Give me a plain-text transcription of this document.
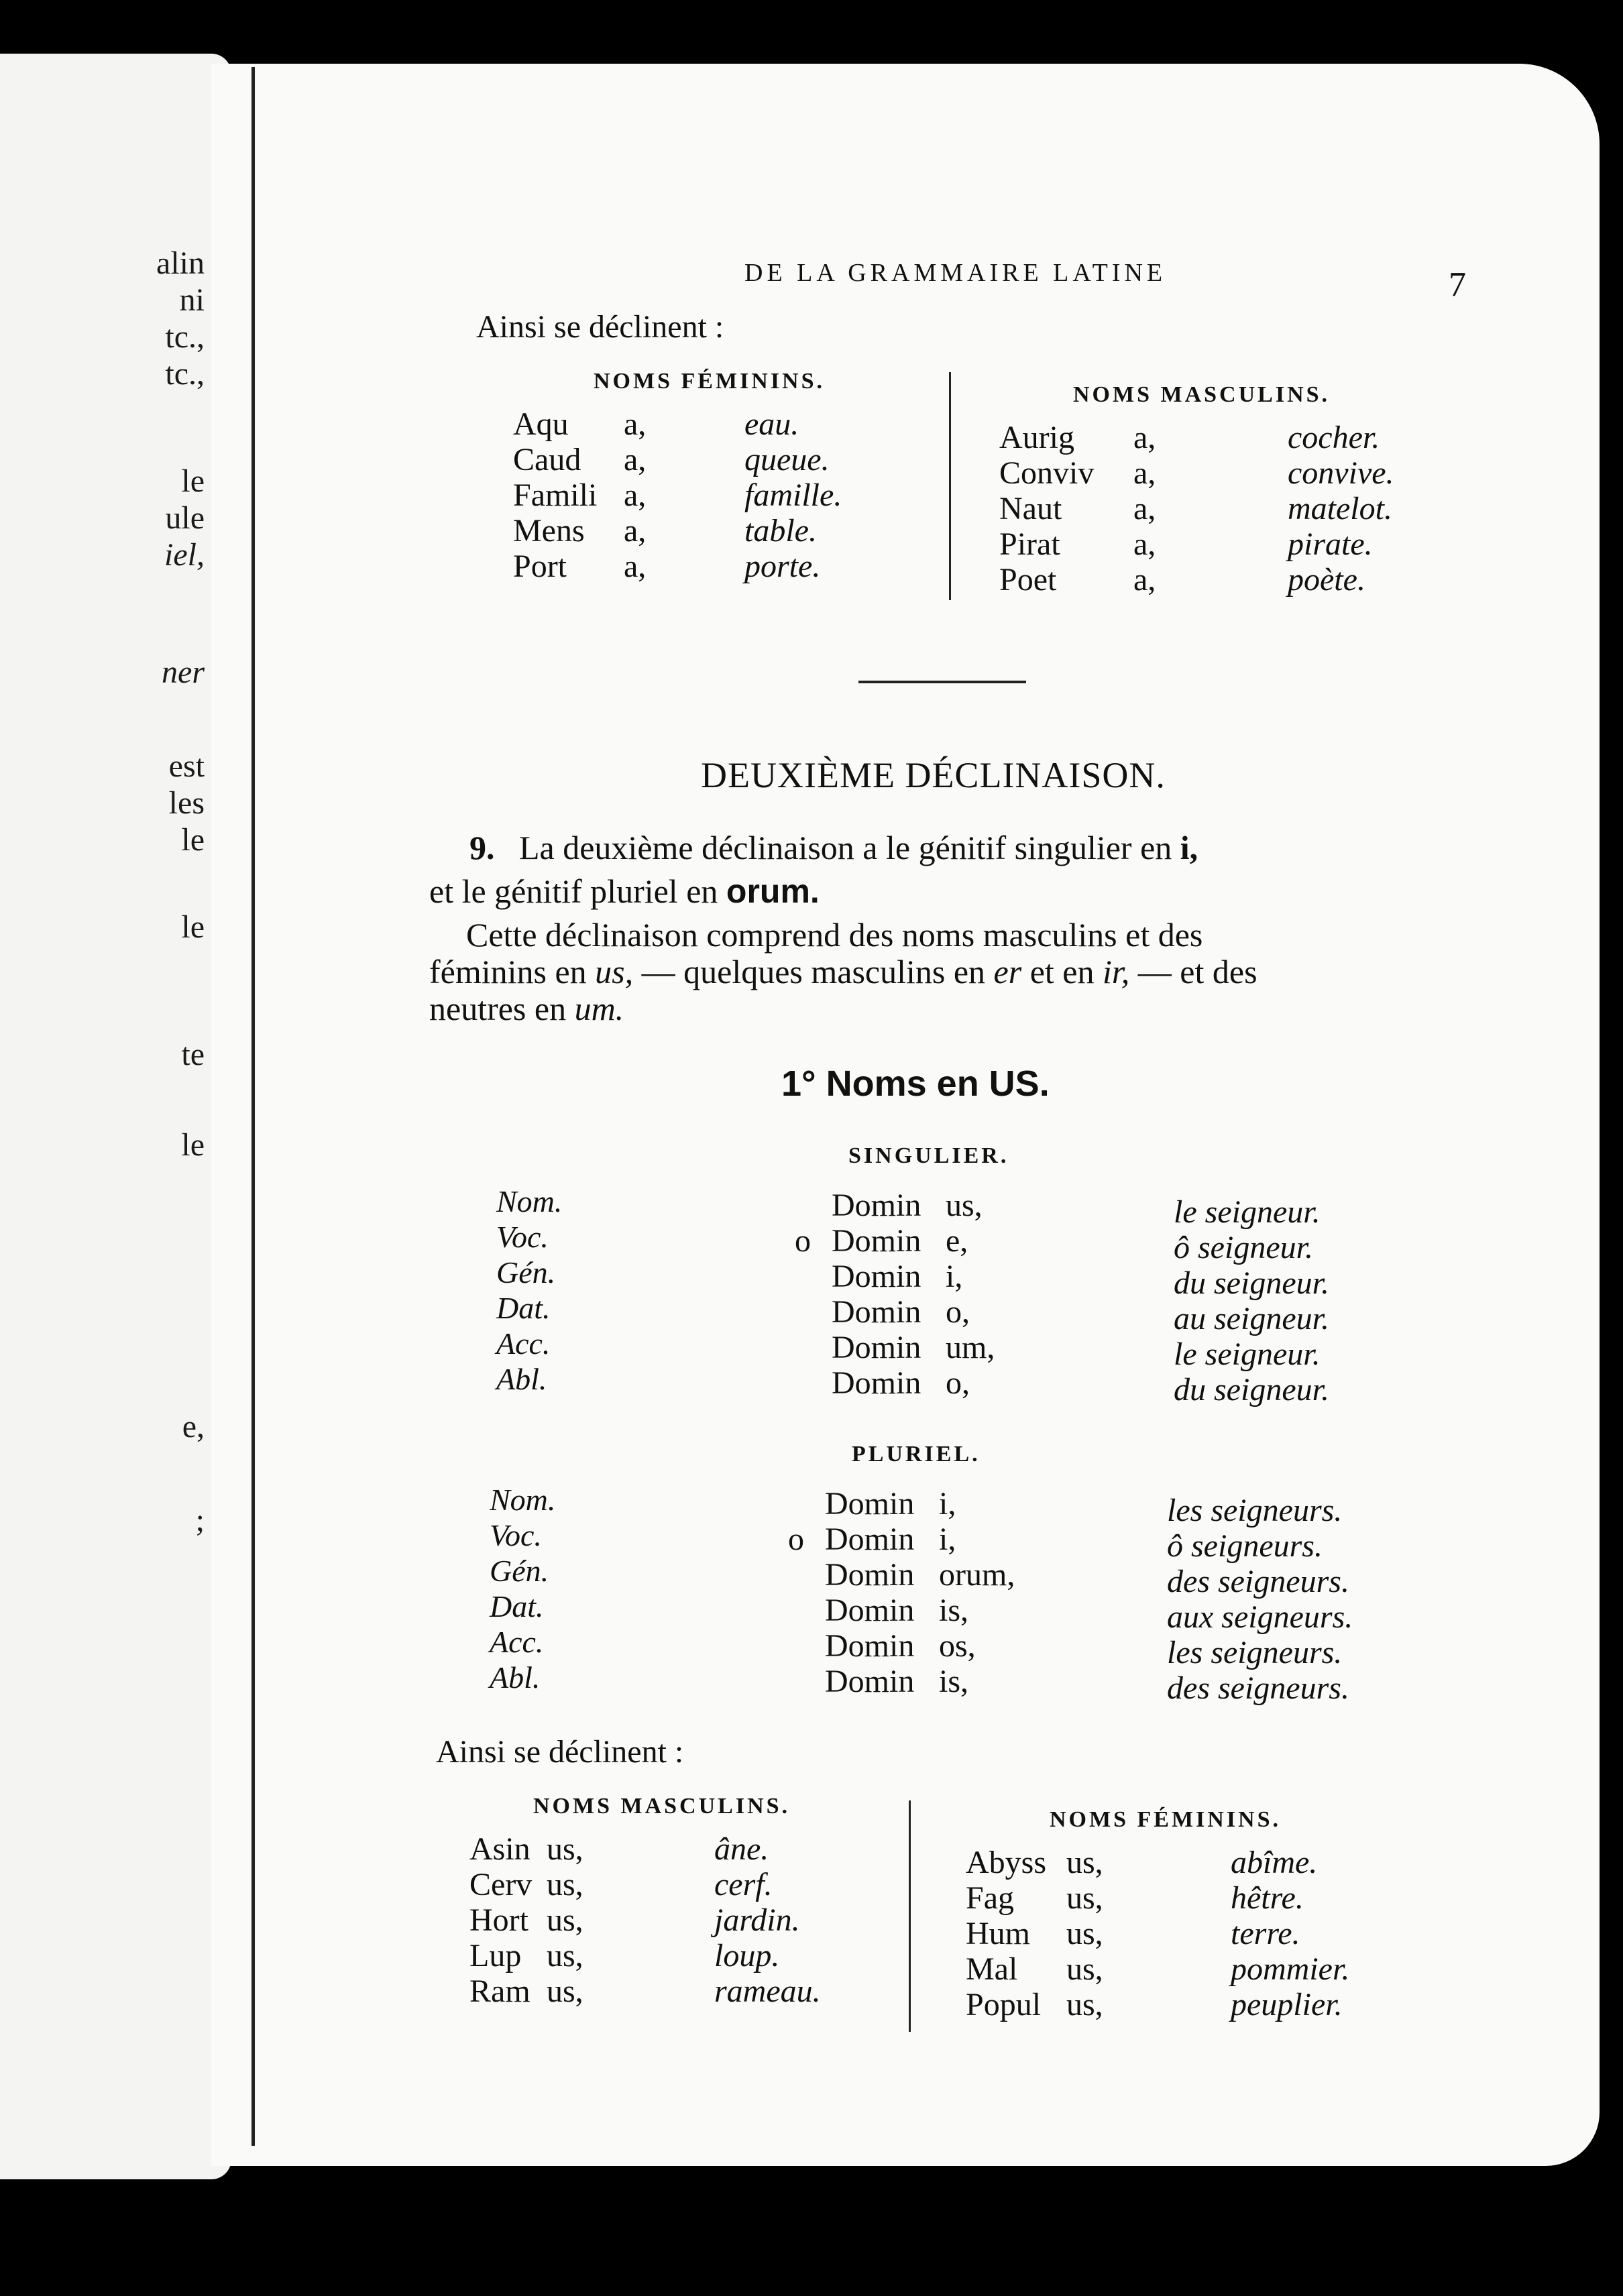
alin
ni
tc.,
tc.,
le
ule
iel,
ner
est
les
le
le
te
le
e,
;
DE LA GRAMMAIRE LATINE	7
Ainsi se déclinent :
NOMS FÉMININS.
NOMS MASCULINS.
Aqu a,	eau.
Caud a,	queue.
Famili a,	famille.
Mens a,	table.
Port a,	porte.
Aurig a,	cocher.
Conviv a,	convive.
Naut a,	matelot.
Pirat a,	pirate.
Poet a,	poète.
DEUXIÈME DÉCLINAISON.
9. La deuxième déclinaison a le génitif singulier en i,
et le génitif pluriel en orum.
Cette déclinaison comprend des noms masculins et des
féminins en us, — quelques masculins en er et en ir, — et des
neutres en um.
1° Noms en US.
SINGULIER.
Nom.	Domin us,	le seigneur.
Voc.	o Domin e,	ô seigneur.
Gén.	Domin i,	du seigneur.
Dat.	Domin o,	au seigneur.
Acc.	Domin um,	le seigneur.
Abl.	Domin o,	du seigneur.
PLURIEL.
Nom.	Domin i,	les seigneurs.
Voc.	o Domin i,	ô seigneurs.
Gén.	Domin orum,	des seigneurs.
Dat.	Domin is,	aux seigneurs.
Acc.	Domin os,	les seigneurs.
Abl.	Domin is,	des seigneurs.
Ainsi se déclinent :
NOMS MASCULINS.
NOMS FÉMININS.
Asin us,	âne.
Cerv us,	cerf.
Hort us,	jardin.
Lup us,	loup.
Ram us,	rameau.
Abyss us,	abîme.
Fag us,	hêtre.
Hum us,	terre.
Mal us,	pommier.
Popul us,	peuplier.
